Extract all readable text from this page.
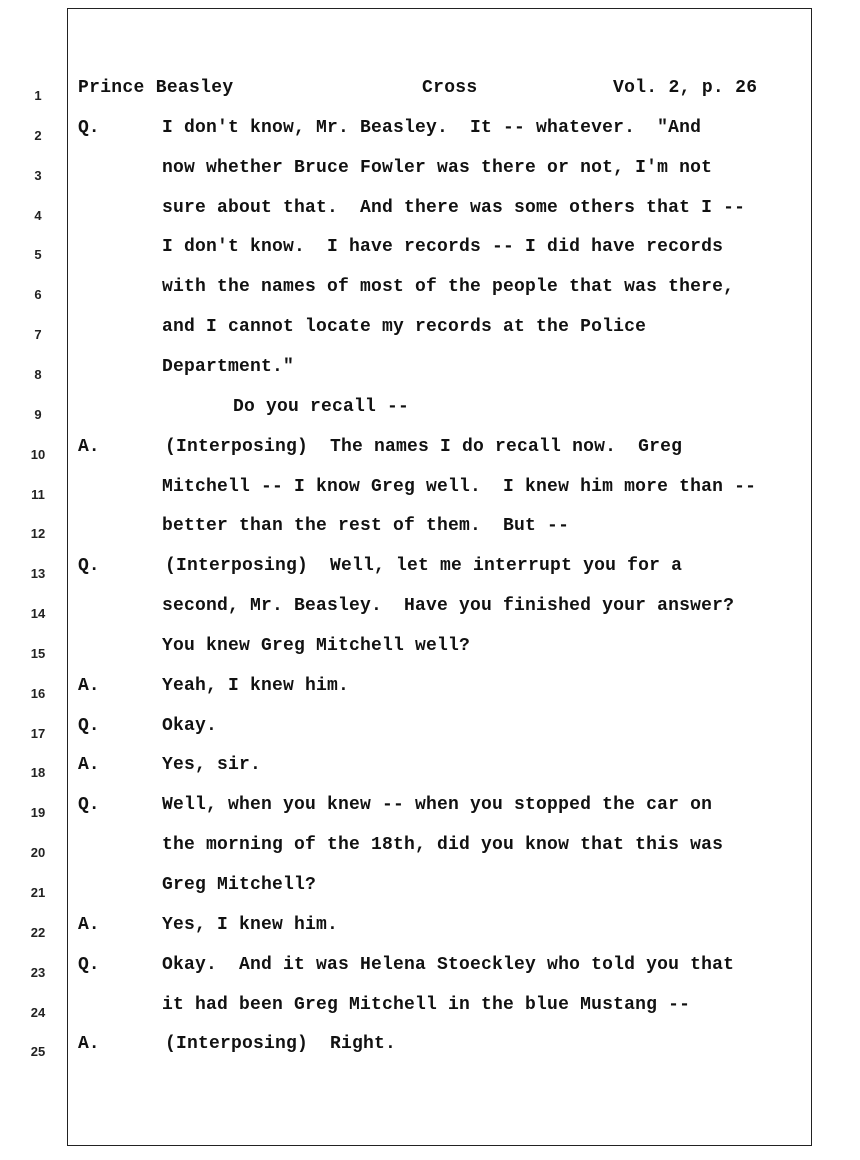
Prince Beasley	Cross	Vol. 2, p. 26
1
2	Q.	I don't know, Mr. Beasley.  It -- whatever.  "And
3	now whether Bruce Fowler was there or not, I'm not
4	sure about that.  And there was some others that I --
5	I don't know.  I have records -- I did have records
6	with the names of most of the people that was there,
7	and I cannot locate my records at the Police
8	Department."
9	Do you recall --
10	A.	(Interposing)  The names I do recall now.  Greg
11	Mitchell -- I know Greg well.  I knew him more than --
12	better than the rest of them.  But --
13	Q.	(Interposing)  Well, let me interrupt you for a
14	second, Mr. Beasley.  Have you finished your answer?
15	You knew Greg Mitchell well?
16	A.	Yeah, I knew him.
17	Q.	Okay.
18	A.	Yes, sir.
19	Q.	Well, when you knew -- when you stopped the car on
20	the morning of the 18th, did you know that this was
21	Greg Mitchell?
22	A.	Yes, I knew him.
23	Q.	Okay.  And it was Helena Stoeckley who told you that
24	it had been Greg Mitchell in the blue Mustang --
25	A.	(Interposing)  Right.
